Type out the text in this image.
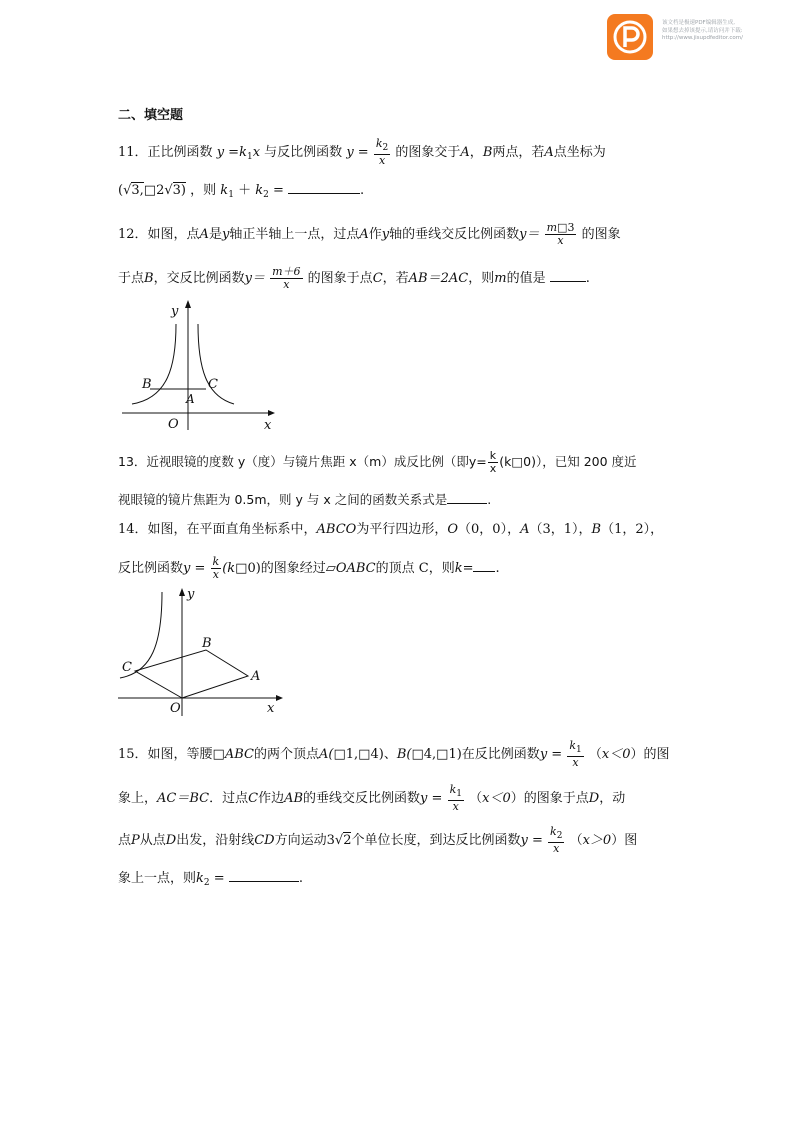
该文档是极速PDF编辑器生成,
如果想去掉该提示,请访问并下载:
http://www.jisupdfeditor.com/
二、填空题
11．正比例函数 $y =k_1x$ 与反比例函数 $y = \frac{k_2}{x}$ 的图象交于A，B两点，若A点坐标为
(√3,□2√3) ，则 $k_1 + k_2$ =	.
12．如图，点A是y轴正半轴上一点，过点A作y轴的垂线交反比例函数$y= \frac{m□3}{x}$ 的图象
于点B，交反比例函数$y= \frac{m+6}{x}$ 的图象于点C，若AB＝2AC，则m的值是	.
y
B	C
A
O	x
13．近视眼镜的度数 y（度）与镜片焦距 x（m）成反比例（即$y= \frac{k}{x}$ (k□0)），已知 200 度近
视眼镜的镜片焦距为 0.5m，则 y 与 x 之间的函数关系式是	.
14．如图，在平面直角坐标系中，ABCO为平行四边形，O（0，0），A（3，1），B（1，2），
反比例函数$y = \frac{k}{x}$ (k□0)的图象经过▱OABC的顶点 C，则k= .
y
B
C
A
O	x
15．如图，等腰□ABC的两个顶点A(□1,□4)、B(□4,□1)在反比例函数$y = \frac{k_1}{x} (x<0)$的图
象上，AC＝BC．过点C作边AB的垂线交反比例函数$y = \frac{k_1}{x} (x<0)$的图象于点D，动
点P从点D出发，沿射线CD方向运动3√2个单位长度，到达反比例函数$y = \frac{k_2}{x} (x>0)$图
象上一点，则$k_2$ =	.
